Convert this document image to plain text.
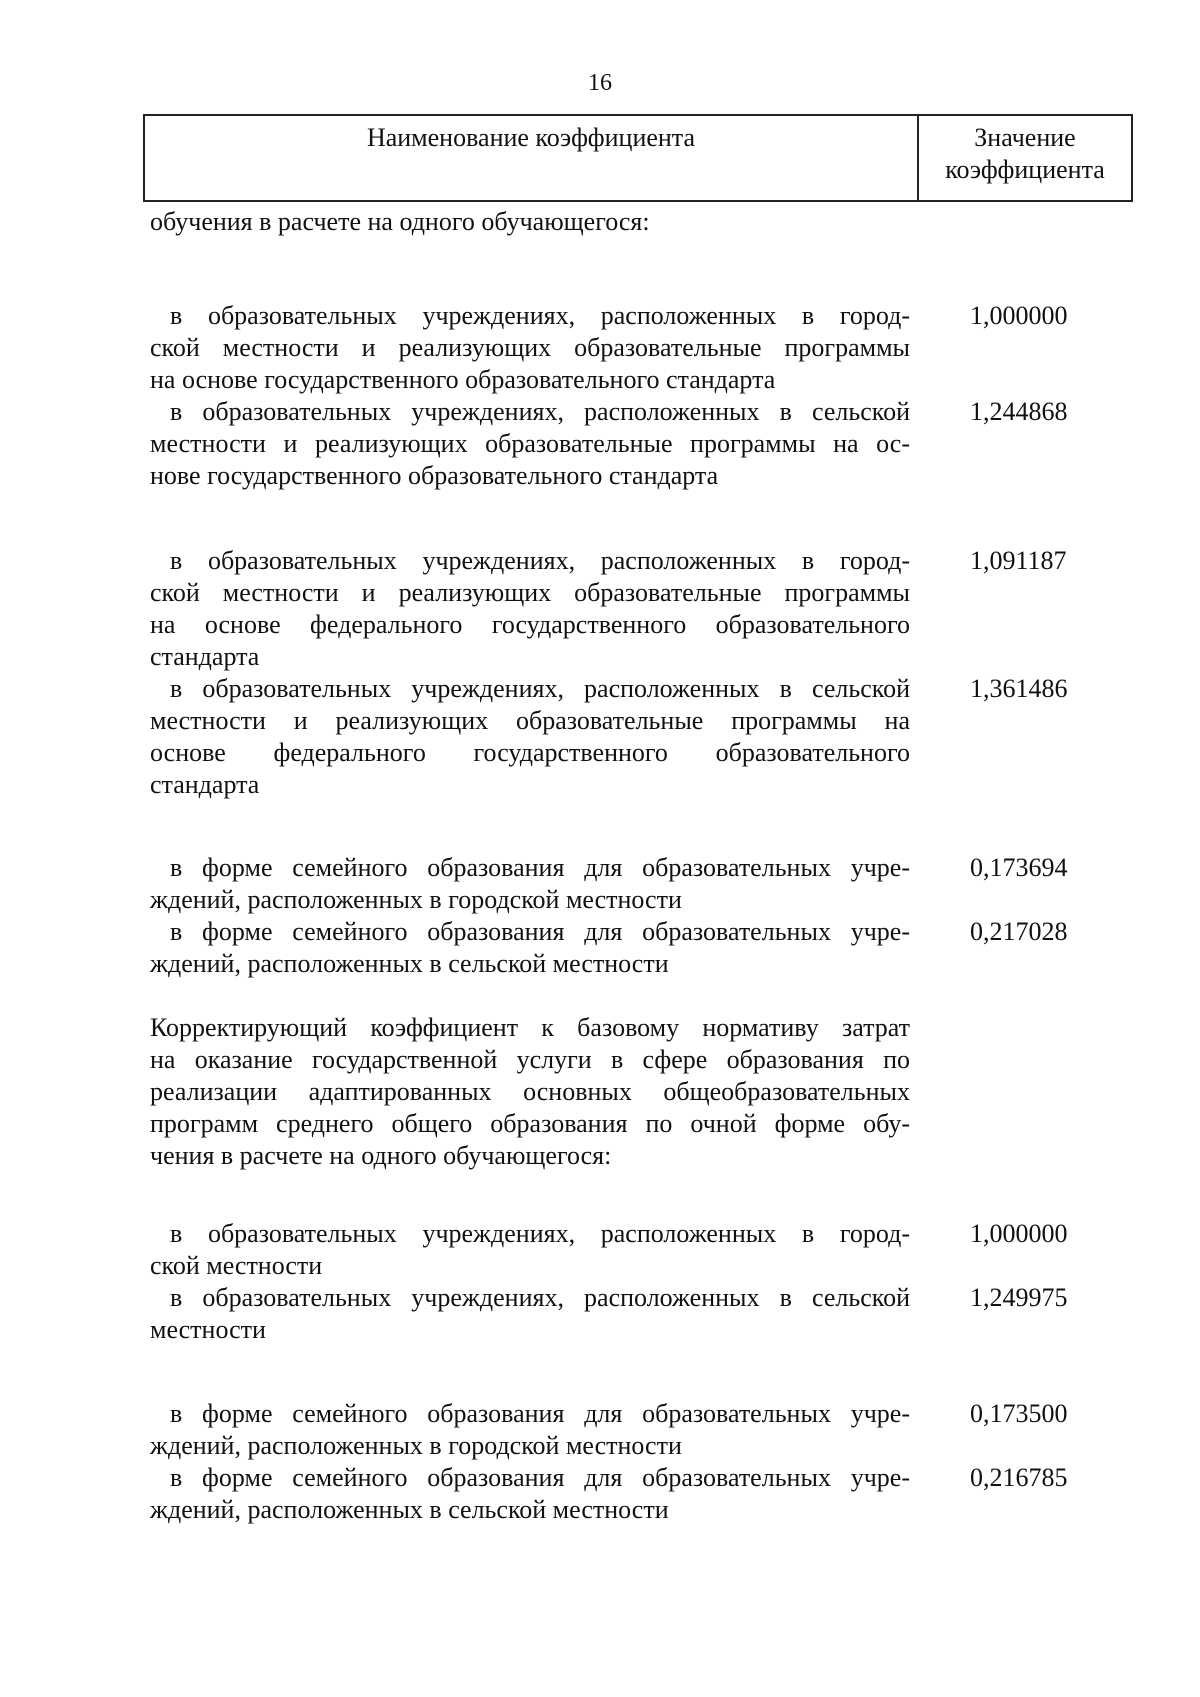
16
Наименование коэффициента	Значение
коэффициента
обучения в расчете на одного обучающегося:
в образовательных учреждениях, расположенных в город-
ской местности и реализующих образовательные программы
на основе государственного образовательного стандарта
1,000000
в образовательных учреждениях, расположенных в сельской
местности и реализующих образовательные программы на ос-
нове государственного образовательного стандарта
1,244868
в образовательных учреждениях, расположенных в город-
ской местности и реализующих образовательные программы
на основе федерального государственного образовательного
стандарта
1,091187
в образовательных учреждениях, расположенных в сельской
местности и реализующих образовательные программы на
основе федерального государственного образовательного
стандарта
1,361486
в форме семейного образования для образовательных учре-
ждений, расположенных в городской местности
0,173694
в форме семейного образования для образовательных учре-
ждений, расположенных в сельской местности
0,217028
Корректирующий коэффициент к базовому нормативу затрат
на оказание государственной услуги в сфере образования по
реализации адаптированных основных общеобразовательных
программ среднего общего образования по очной форме обу-
чения в расчете на одного обучающегося:
в образовательных учреждениях, расположенных в город-
ской местности
1,000000
в образовательных учреждениях, расположенных в сельской
местности
1,249975
в форме семейного образования для образовательных учре-
ждений, расположенных в городской местности
0,173500
в форме семейного образования для образовательных учре-
ждений, расположенных в сельской местности
0,216785
